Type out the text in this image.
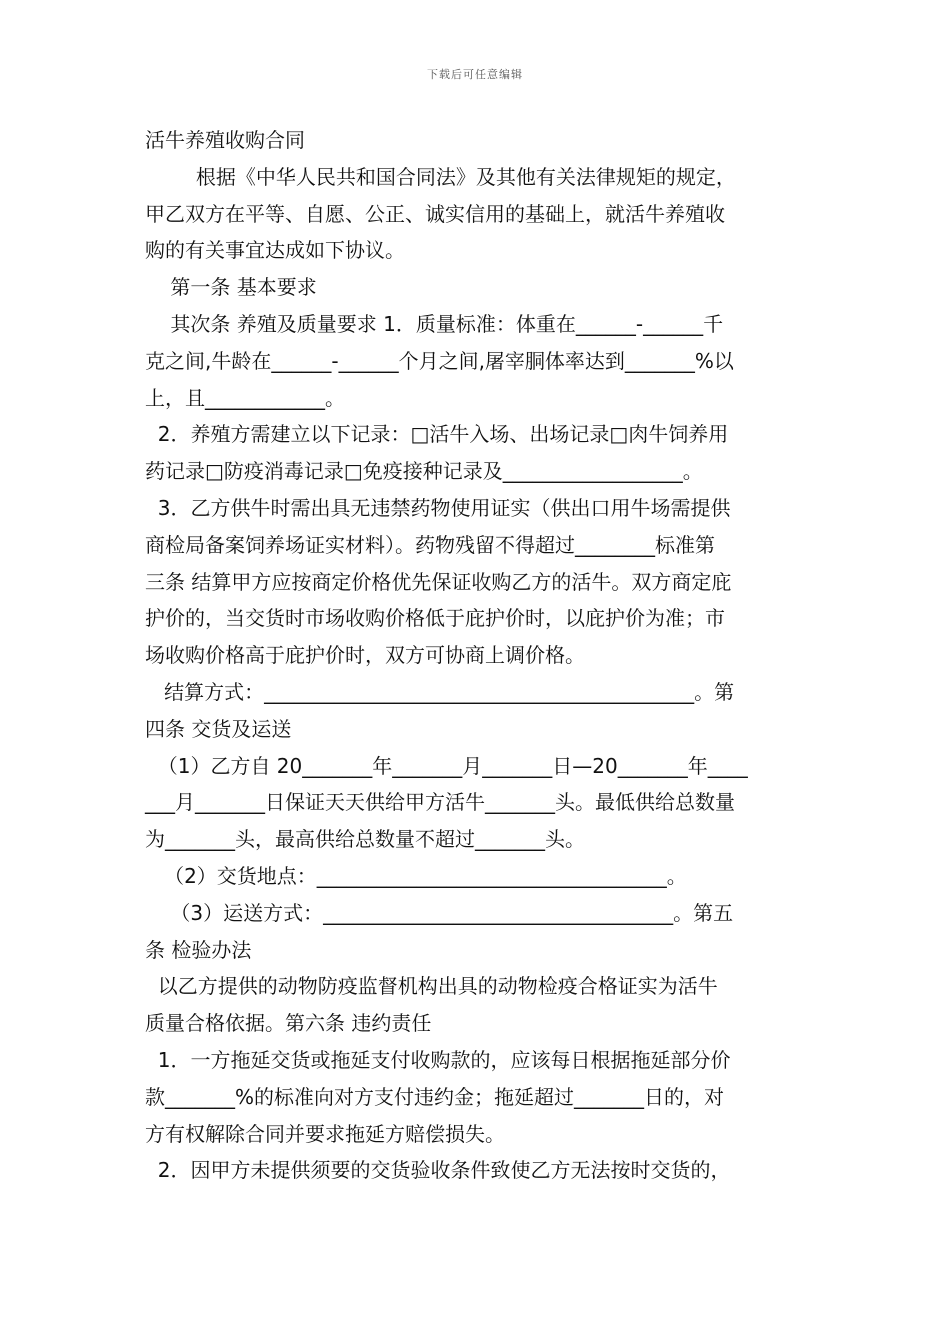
下载后可任意编辑
活牛养殖收购合同
根据《中华人民共和国合同法》及其他有关法律规矩的规定，
甲乙双方在平等、自愿、公正、诚实信用的基础上，就活牛养殖收
购的有关事宜达成如下协议。
第一条 基本要求
其次条 养殖及质量要求 1．质量标准：体重在______-______千
克之间,牛龄在______-______个月之间,屠宰胴体率达到_______%以
上，且____________。
2．养殖方需建立以下记录：□活牛入场、出场记录□肉牛饲养用
药记录□防疫消毒记录□免疫接种记录及__________________。
3．乙方供牛时需出具无违禁药物使用证实（供出口用牛场需提供
商检局备案饲养场证实材料）。药物残留不得超过________标准第
三条 结算甲方应按商定价格优先保证收购乙方的活牛。双方商定庇
护价的，当交货时市场收购价格低于庇护价时，以庇护价为准；市
场收购价格高于庇护价时，双方可协商上调价格。
结算方式：___________________________________________。第
四条 交货及运送
（1）乙方自 20_______年_______月_______日—20_______年____
___月_______日保证天天供给甲方活牛_______头。最低供给总数量
为_______头，最高供给总数量不超过_______头。
（2）交货地点：___________________________________。
（3）运送方式：___________________________________。第五
条 检验办法
以乙方提供的动物防疫监督机构出具的动物检疫合格证实为活牛
质量合格依据。第六条 违约责任
1．一方拖延交货或拖延支付收购款的，应该每日根据拖延部分价
款_______%的标准向对方支付违约金；拖延超过_______日的，对
方有权解除合同并要求拖延方赔偿损失。
2．因甲方未提供须要的交货验收条件致使乙方无法按时交货的，
